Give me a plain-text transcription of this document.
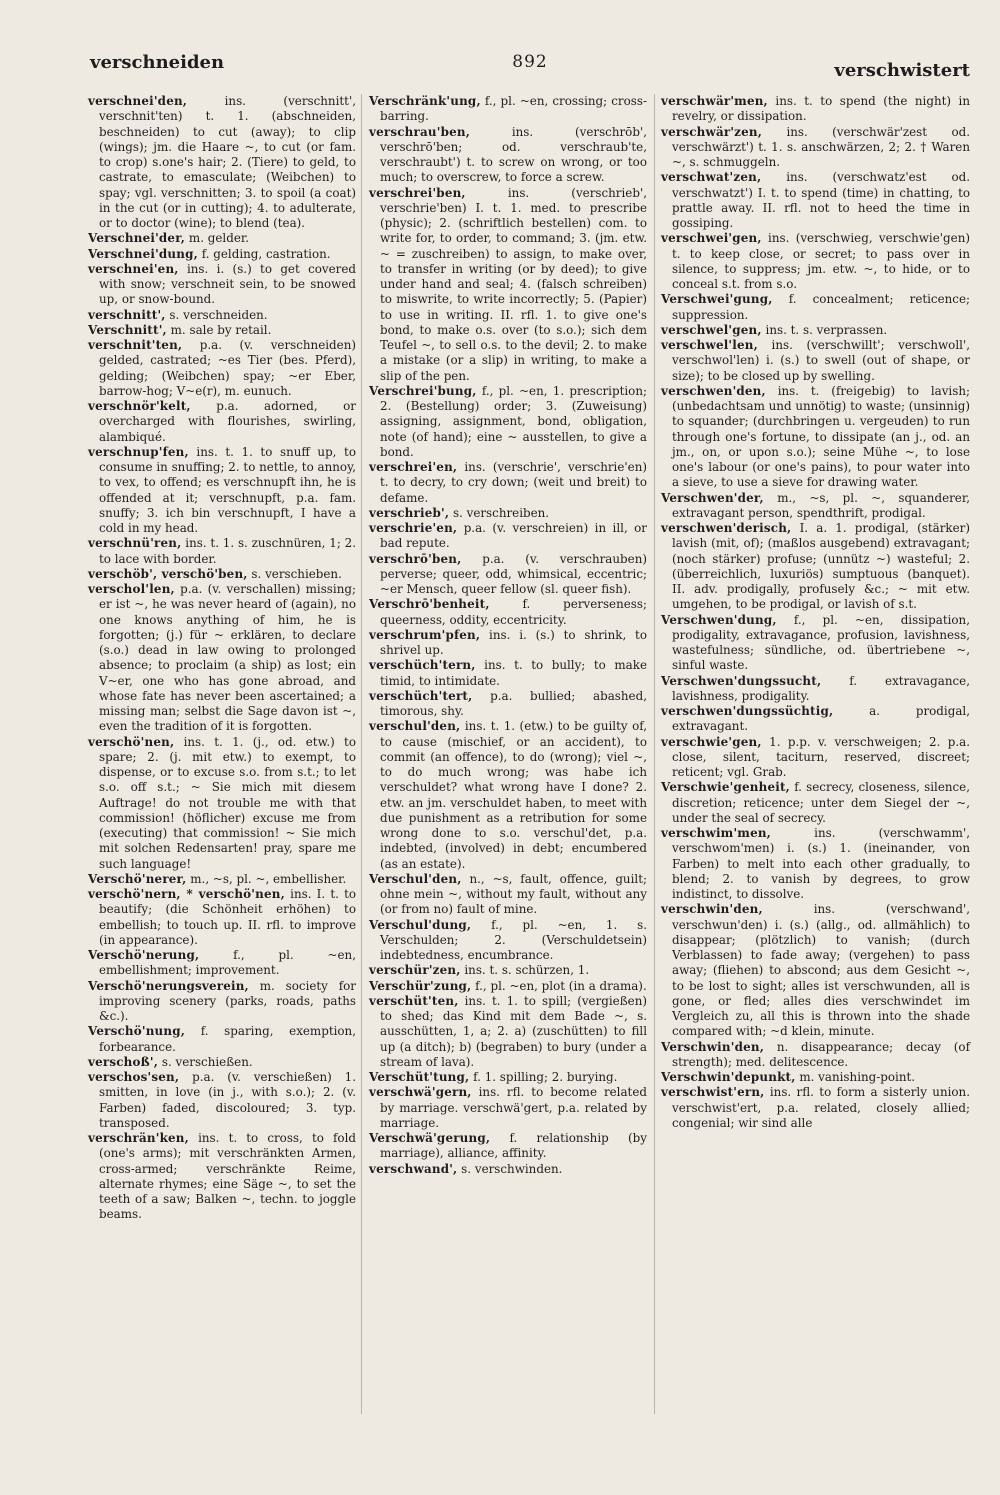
verschneiden	892	verschwistert

verschnei'den, ins. (verschnitt', verschnit'ten) t. 1. (abschneiden, beschneiden) to cut (away); to clip (wings); jm. die Haare ~, to cut (or fam. to crop) s.one's hair; 2. (Tiere) to geld, to castrate, to emasculate; (Weibchen) to spay; vgl. verschnitten; 3. to spoil (a coat) in the cut (or in cutting); 4. to adulterate, or to doctor (wine); to blend (tea).

Verschnei'der, m. gelder.

Verschnei'dung, f. gelding, castration.

verschnei'en, ins. i. (s.) to get covered with snow; verschneit sein, to be snowed up, or snow-bound.

verschnitt', s. verschneiden.

Verschnitt', m. sale by retail.

verschnit'ten, p.a. (v. verschneiden) gelded, castrated; ~es Tier (bes. Pferd), gelding; (Weibchen) spay; ~er Eber, barrow-hog; V~e(r), m. eunuch.

verschnör'kelt, p.a. adorned, or overcharged with flourishes, swirling, alambiqué.

verschnup'fen, ins. t. 1. to snuff up, to consume in snuffing; 2. to nettle, to annoy, to vex, to offend; es verschnupft ihn, he is offended at it; verschnupft, p.a. fam. snuffy; 3. ich bin verschnupft, I have a cold in my head.

verschnü'ren, ins. t. 1. s. zuschnüren, 1; 2. to lace with border.

verschöb', verschö'ben, s. verschieben.

verschol'len, p.a. (v. verschallen) missing; er ist ~, he was never heard of (again), no one knows anything of him, he is forgotten; (j.) für ~ erklären, to declare (s.o.) dead in law owing to prolonged absence; to proclaim (a ship) as lost; ein V~er, one who has gone abroad, and whose fate has never been ascertained; a missing man; selbst die Sage davon ist ~, even the tradition of it is forgotten.

verschö'nen, ins. t. 1. (j., od. etw.) to spare; 2. (j. mit etw.) to exempt, to dispense, or to excuse s.o. from s.t.; to let s.o. off s.t.; ~ Sie mich mit diesem Auftrage! do not trouble me with that commission! (höflicher) excuse me from (executing) that commission! ~ Sie mich mit solchen Redensarten! pray, spare me such language!

Verschö'nerer, m., ~s, pl. ~, embellisher.

verschö'nern, * verschö'nen, ins. I. t. to beautify; (die Schönheit erhöhen) to embellish; to touch up. II. rfl. to improve (in appearance).

Verschö'nerung, f., pl. ~en, embellishment; improvement.

Verschö'nerungsverein, m. society for improving scenery (parks, roads, paths &c.).

Verschö'nung, f. sparing, exemption, forbearance.

verschoß', s. verschießen.

verschos'sen, p.a. (v. verschießen) 1. smitten, in love (in j., with s.o.); 2. (v. Farben) faded, discoloured; 3. typ. transposed.

verschrän'ken, ins. t. to cross, to fold (one's arms); mit verschränkten Armen, cross-armed; verschränkte Reime, alternate rhymes; eine Säge ~, to set the teeth of a saw; Balken ~, techn. to joggle beams.

Verschränk'ung, f., pl. ~en, crossing; cross-barring.

verschrau'ben, ins. (verschrōb', verschrō'ben; od. verschraub'te, verschraubt') t. to screw on wrong, or too much; to overscrew, to force a screw.

verschrei'ben, ins. (verschrieb', verschrie'ben) I. t. 1. med. to prescribe (physic); 2. (schriftlich bestellen) com. to write for, to order, to command; 3. (jm. etw. ~ = zuschreiben) to assign, to make over, to transfer in writing (or by deed); to give under hand and seal; 4. (falsch schreiben) to miswrite, to write incorrectly; 5. (Papier) to use in writing. II. rfl. 1. to give one's bond, to make o.s. over (to s.o.); sich dem Teufel ~, to sell o.s. to the devil; 2. to make a mistake (or a slip) in writing, to make a slip of the pen.

Verschrei'bung, f., pl. ~en, 1. prescription; 2. (Bestellung) order; 3. (Zuweisung) assigning, assignment, bond, obligation, note (of hand); eine ~ ausstellen, to give a bond.

verschrei'en, ins. (verschrie', verschrie'en) t. to decry, to cry down; (weit und breit) to defame.

verschrieb', s. verschreiben.

verschrie'en, p.a. (v. verschreien) in ill, or bad repute.

verschrō'ben, p.a. (v. verschrauben) perverse; queer, odd, whimsical, eccentric; ~er Mensch, queer fellow (sl. queer fish).

Verschrō'benheit, f. perverseness; queerness, oddity, eccentricity.

verschrum'pfen, ins. i. (s.) to shrink, to shrivel up.

verschüch'tern, ins. t. to bully; to make timid, to intimidate.

verschüch'tert, p.a. bullied; abashed, timorous, shy.

verschul'den, ins. t. 1. (etw.) to be guilty of, to cause (mischief, or an accident), to commit (an offence), to do (wrong); viel ~, to do much wrong; was habe ich verschuldet? what wrong have I done? 2. etw. an jm. verschuldet haben, to meet with due punishment as a retribution for some wrong done to s.o. verschul'det, p.a. indebted, (involved) in debt; encumbered (as an estate).

Verschul'den, n., ~s, fault, offence, guilt; ohne mein ~, without my fault, without any (or from no) fault of mine.

Verschul'dung, f., pl. ~en, 1. s. Verschulden; 2. (Verschuldetsein) indebtedness, encumbrance.

verschür'zen, ins. t. s. schürzen, 1.

Verschür'zung, f., pl. ~en, plot (in a drama).

verschüt'ten, ins. t. 1. to spill; (vergießen) to shed; das Kind mit dem Bade ~, s. ausschütten, 1, a; 2. a) (zuschütten) to fill up (a ditch); b) (begraben) to bury (under a stream of lava).

Verschüt'tung, f. 1. spilling; 2. burying.

verschwä'gern, ins. rfl. to become related by marriage. verschwä'gert, p.a. related by marriage.

Verschwä'gerung, f. relationship (by marriage), alliance, affinity.

verschwand', s. verschwinden.

verschwär'men, ins. t. to spend (the night) in revelry, or dissipation.

verschwär'zen, ins. (verschwär'zest od. verschwärzt') t. 1. s. anschwärzen, 2; 2. † Waren ~, s. schmuggeln.

verschwat'zen, ins. (verschwatz'est od. verschwatzt') I. t. to spend (time) in chatting, to prattle away. II. rfl. not to heed the time in gossiping.

verschwei'gen, ins. (verschwieg, verschwie'gen) t. to keep close, or secret; to pass over in silence, to suppress; jm. etw. ~, to hide, or to conceal s.t. from s.o.

Verschwei'gung, f. concealment; reticence; suppression.

verschwel'gen, ins. t. s. verprassen.

verschwel'len, ins. (verschwillt'; verschwoll', verschwol'len) i. (s.) to swell (out of shape, or size); to be closed up by swelling.

verschwen'den, ins. t. (freigebig) to lavish; (unbedachtsam und unnötig) to waste; (unsinnig) to squander; (durchbringen u. vergeuden) to run through one's fortune, to dissipate (an j., od. an jm., on, or upon s.o.); seine Mühe ~, to lose one's labour (or one's pains), to pour water into a sieve, to use a sieve for drawing water.

Verschwen'der, m., ~s, pl. ~, squanderer, extravagant person, spendthrift, prodigal.

verschwen'derisch, I. a. 1. prodigal, (stärker) lavish (mit, of); (maßlos ausgebend) extravagant; (noch stärker) profuse; (unnütz ~) wasteful; 2. (überreichlich, luxuriös) sumptuous (banquet). II. adv. prodigally, profusely &c.; ~ mit etw. umgehen, to be prodigal, or lavish of s.t.

Verschwen'dung, f., pl. ~en, dissipation, prodigality, extravagance, profusion, lavishness, wastefulness; sündliche, od. übertriebene ~, sinful waste.

Verschwen'dungssucht, f. extravagance, lavishness, prodigality.

verschwen'dungssüchtig, a. prodigal, extravagant.

verschwie'gen, 1. p.p. v. verschweigen; 2. p.a. close, silent, taciturn, reserved, discreet; reticent; vgl. Grab.

Verschwie'genheit, f. secrecy, closeness, silence, discretion; reticence; unter dem Siegel der ~, under the seal of secrecy.

verschwim'men, ins. (verschwamm', verschwom'men) i. (s.) 1. (ineinander, von Farben) to melt into each other gradually, to blend; 2. to vanish by degrees, to grow indistinct, to dissolve.

verschwin'den, ins. (verschwand', verschwun'den) i. (s.) (allg., od. allmählich) to disappear; (plötzlich) to vanish; (durch Verblassen) to fade away; (vergehen) to pass away; (fliehen) to abscond; aus dem Gesicht ~, to be lost to sight; alles ist verschwunden, all is gone, or fled; alles dies verschwindet im Vergleich zu, all this is thrown into the shade compared with; ~d klein, minute.

Verschwin'den, n. disappearance; decay (of strength); med. delitescence.

Verschwin'depunkt, m. vanishing-point.

verschwist'ern, ins. rfl. to form a sisterly union. verschwist'ert, p.a. related, closely allied; congenial; wir sind alle
